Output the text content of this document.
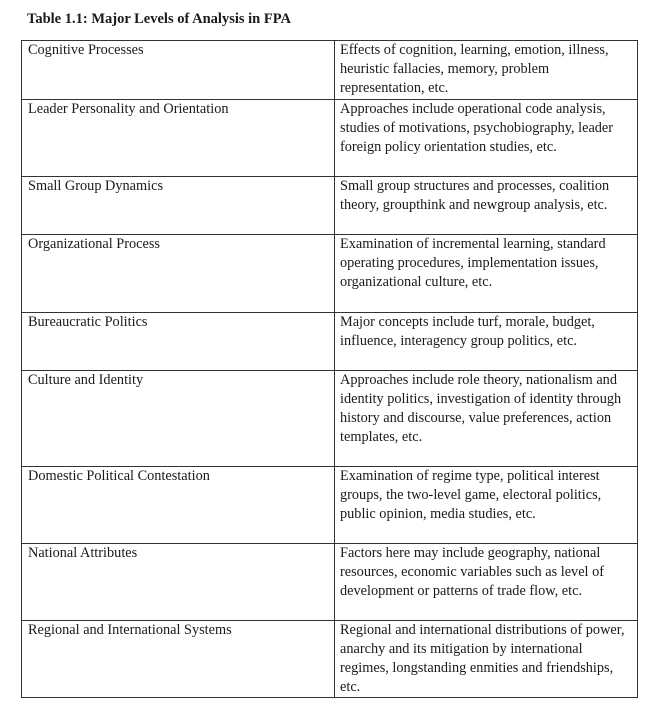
Table 1.1: Major Levels of Analysis in FPA
Cognitive Processes	Effects of cognition, learning, emotion, illness, heuristic fallacies, memory, problem representation, etc.
Leader Personality and Orientation	Approaches include operational code analysis, studies of motivations, psychobiography, leader foreign policy orientation studies, etc.
Small Group Dynamics	Small group structures and processes, coalition theory, groupthink and newgroup analysis, etc.
Organizational Process	Examination of incremental learning, standard operating procedures, implementation issues, organizational culture, etc.
Bureaucratic Politics	Major concepts include turf, morale, budget, influence, interagency group politics, etc.
Culture and Identity	Approaches include role theory, nationalism and identity politics, investigation of identity through history and discourse, value preferences, action templates, etc.
Domestic Political Contestation	Examination of regime type, political interest groups, the two-level game, electoral politics, public opinion, media studies, etc.
National Attributes	Factors here may include geography, national resources, economic variables such as level of development or patterns of trade flow, etc.
Regional and International Systems	Regional and international distributions of power, anarchy and its mitigation by international regimes, longstanding enmities and friendships, etc.
